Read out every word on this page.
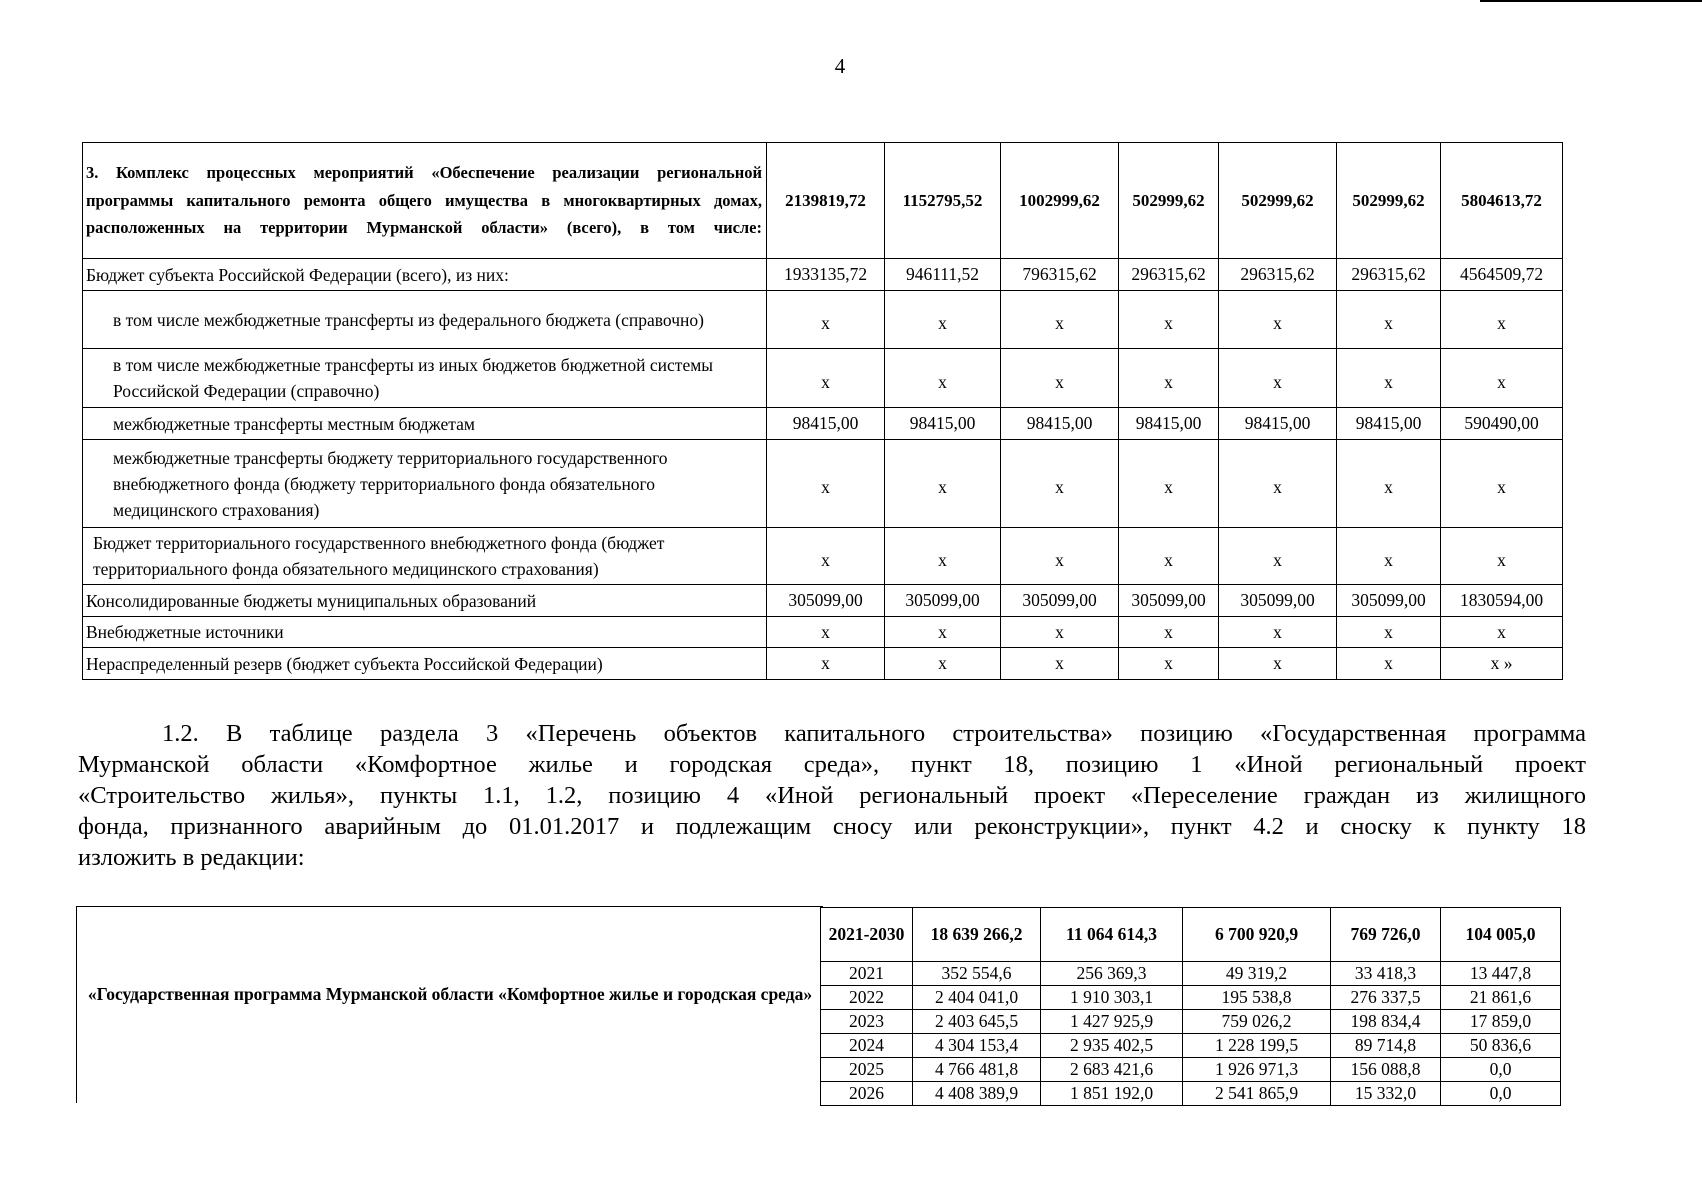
4
3. Комплекс процессных мероприятий «Обеспечение реализации региональной программы капитального ремонта общего имущества в многоквартирных домах, расположенных на территории Мурманской области» (всего), в том числе:	2139819,72	1152795,52	1002999,62	502999,62	502999,62	502999,62	5804613,72
Бюджет субъекта Российской Федерации (всего), из них:	1933135,72	946111,52	796315,62	296315,62	296315,62	296315,62	4564509,72
в том числе межбюджетные трансферты из федерального бюджета (справочно)	х	х	х	х	х	х	х
в том числе межбюджетные трансферты из иных бюджетов бюджетной системы Российской Федерации (справочно)	х	х	х	х	х	х	х
межбюджетные трансферты местным бюджетам	98415,00	98415,00	98415,00	98415,00	98415,00	98415,00	590490,00
межбюджетные трансферты бюджету территориального государственного внебюджетного фонда (бюджету территориального фонда обязательного медицинского страхования)	х	х	х	х	х	х	х
Бюджет территориального государственного внебюджетного фонда (бюджет территориального фонда обязательного медицинского страхования)	х	х	х	х	х	х	х
Консолидированные бюджеты муниципальных образований	305099,00	305099,00	305099,00	305099,00	305099,00	305099,00	1830594,00
Внебюджетные источники	х	х	х	х	х	х	х
Нераспределенный резерв (бюджет субъекта Российской Федерации)	х	х	х	х	х	х	х »

1.2. В таблице раздела 3 «Перечень объектов капитального строительства» позицию «Государственная программа
Мурманской области «Комфортное жилье и городская среда», пункт 18, позицию 1 «Иной региональный проект
«Строительство жилья», пункты 1.1, 1.2, позицию 4 «Иной региональный проект «Переселение граждан из жилищного
фонда, признанного аварийным до 01.01.2017 и подлежащим сносу или реконструкции», пункт 4.2 и сноску к пункту 18
изложить в редакции:

«Государственная программа Мурманской области «Комфортное жилье и городская среда»
2021-2030	18 639 266,2	11 064 614,3	6 700 920,9	769 726,0	104 005,0
2021	352 554,6	256 369,3	49 319,2	33 418,3	13 447,8
2022	2 404 041,0	1 910 303,1	195 538,8	276 337,5	21 861,6
2023	2 403 645,5	1 427 925,9	759 026,2	198 834,4	17 859,0
2024	4 304 153,4	2 935 402,5	1 228 199,5	89 714,8	50 836,6
2025	4 766 481,8	2 683 421,6	1 926 971,3	156 088,8	0,0
2026	4 408 389,9	1 851 192,0	2 541 865,9	15 332,0	0,0
